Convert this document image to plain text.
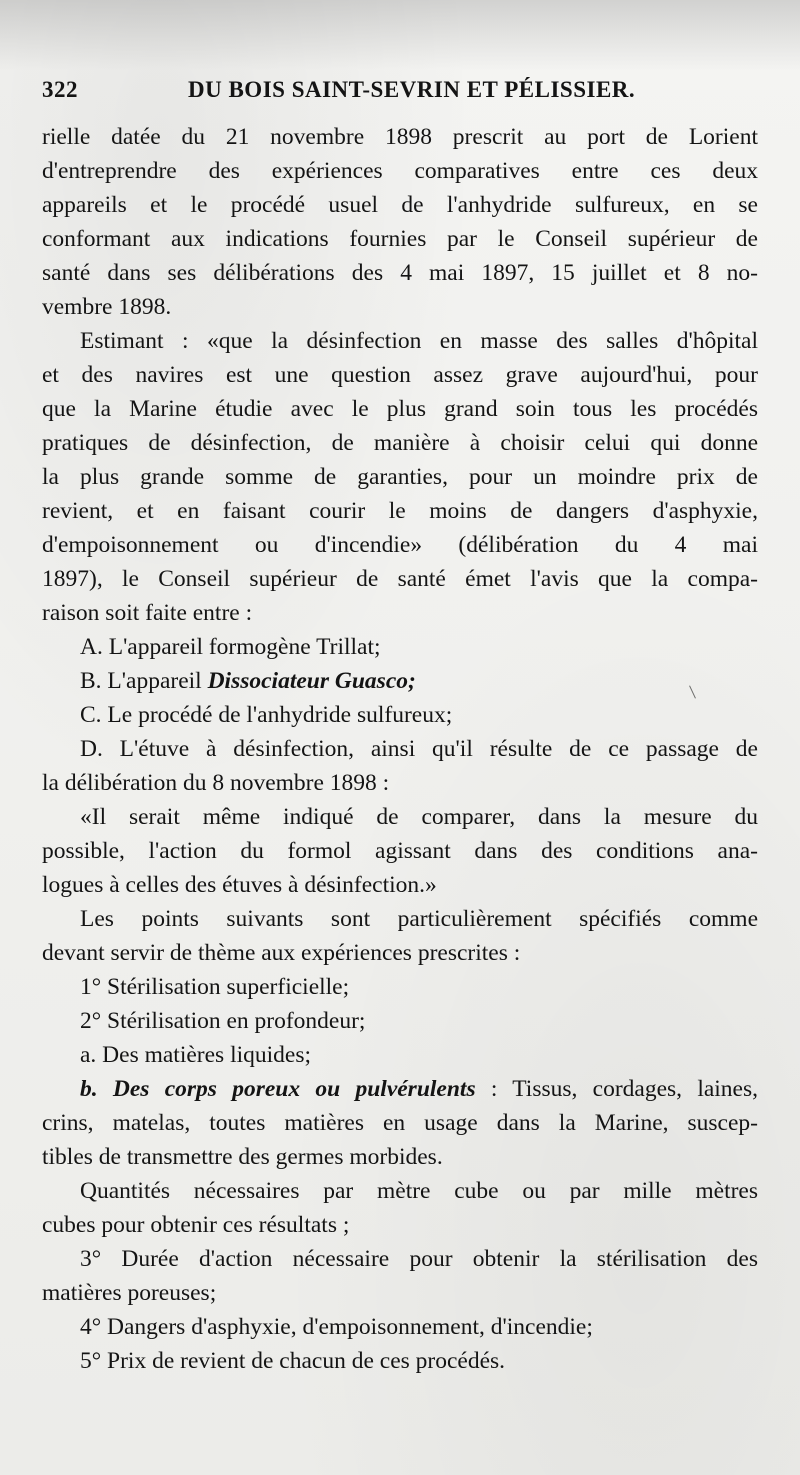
322	DU BOIS SAINT-SEVRIN ET PÉLISSIER.
rielle datée du 21 novembre 1898 prescrit au port de Lorient
d'entreprendre des expériences comparatives entre ces deux
appareils et le procédé usuel de l'anhydride sulfureux, en se
conformant aux indications fournies par le Conseil supérieur de
santé dans ses délibérations des 4 mai 1897, 15 juillet et 8 no-
vembre 1898.
Estimant : «que la désinfection en masse des salles d'hôpital
et des navires est une question assez grave aujourd'hui, pour
que la Marine étudie avec le plus grand soin tous les procédés
pratiques de désinfection, de manière à choisir celui qui donne
la plus grande somme de garanties, pour un moindre prix de
revient, et en faisant courir le moins de dangers d'asphyxie,
d'empoisonnement ou d'incendie» (délibération du 4 mai
1897), le Conseil supérieur de santé émet l'avis que la compa-
raison soit faite entre :
A. L'appareil formogène Trillat;
B. L'appareil Dissociateur Guasco;
C. Le procédé de l'anhydride sulfureux;
D. L'étuve à désinfection, ainsi qu'il résulte de ce passage de
la délibération du 8 novembre 1898 :
«Il serait même indiqué de comparer, dans la mesure du
possible, l'action du formol agissant dans des conditions ana-
logues à celles des étuves à désinfection.»
Les points suivants sont particulièrement spécifiés comme
devant servir de thème aux expériences prescrites :
1° Stérilisation superficielle;
2° Stérilisation en profondeur;
a. Des matières liquides;
b. Des corps poreux ou pulvérulents : Tissus, cordages, laines,
crins, matelas, toutes matières en usage dans la Marine, suscep-
tibles de transmettre des germes morbides.
Quantités nécessaires par mètre cube ou par mille mètres
cubes pour obtenir ces résultats ;
3° Durée d'action nécessaire pour obtenir la stérilisation des
matières poreuses;
4° Dangers d'asphyxie, d'empoisonnement, d'incendie;
5° Prix de revient de chacun de ces procédés.
